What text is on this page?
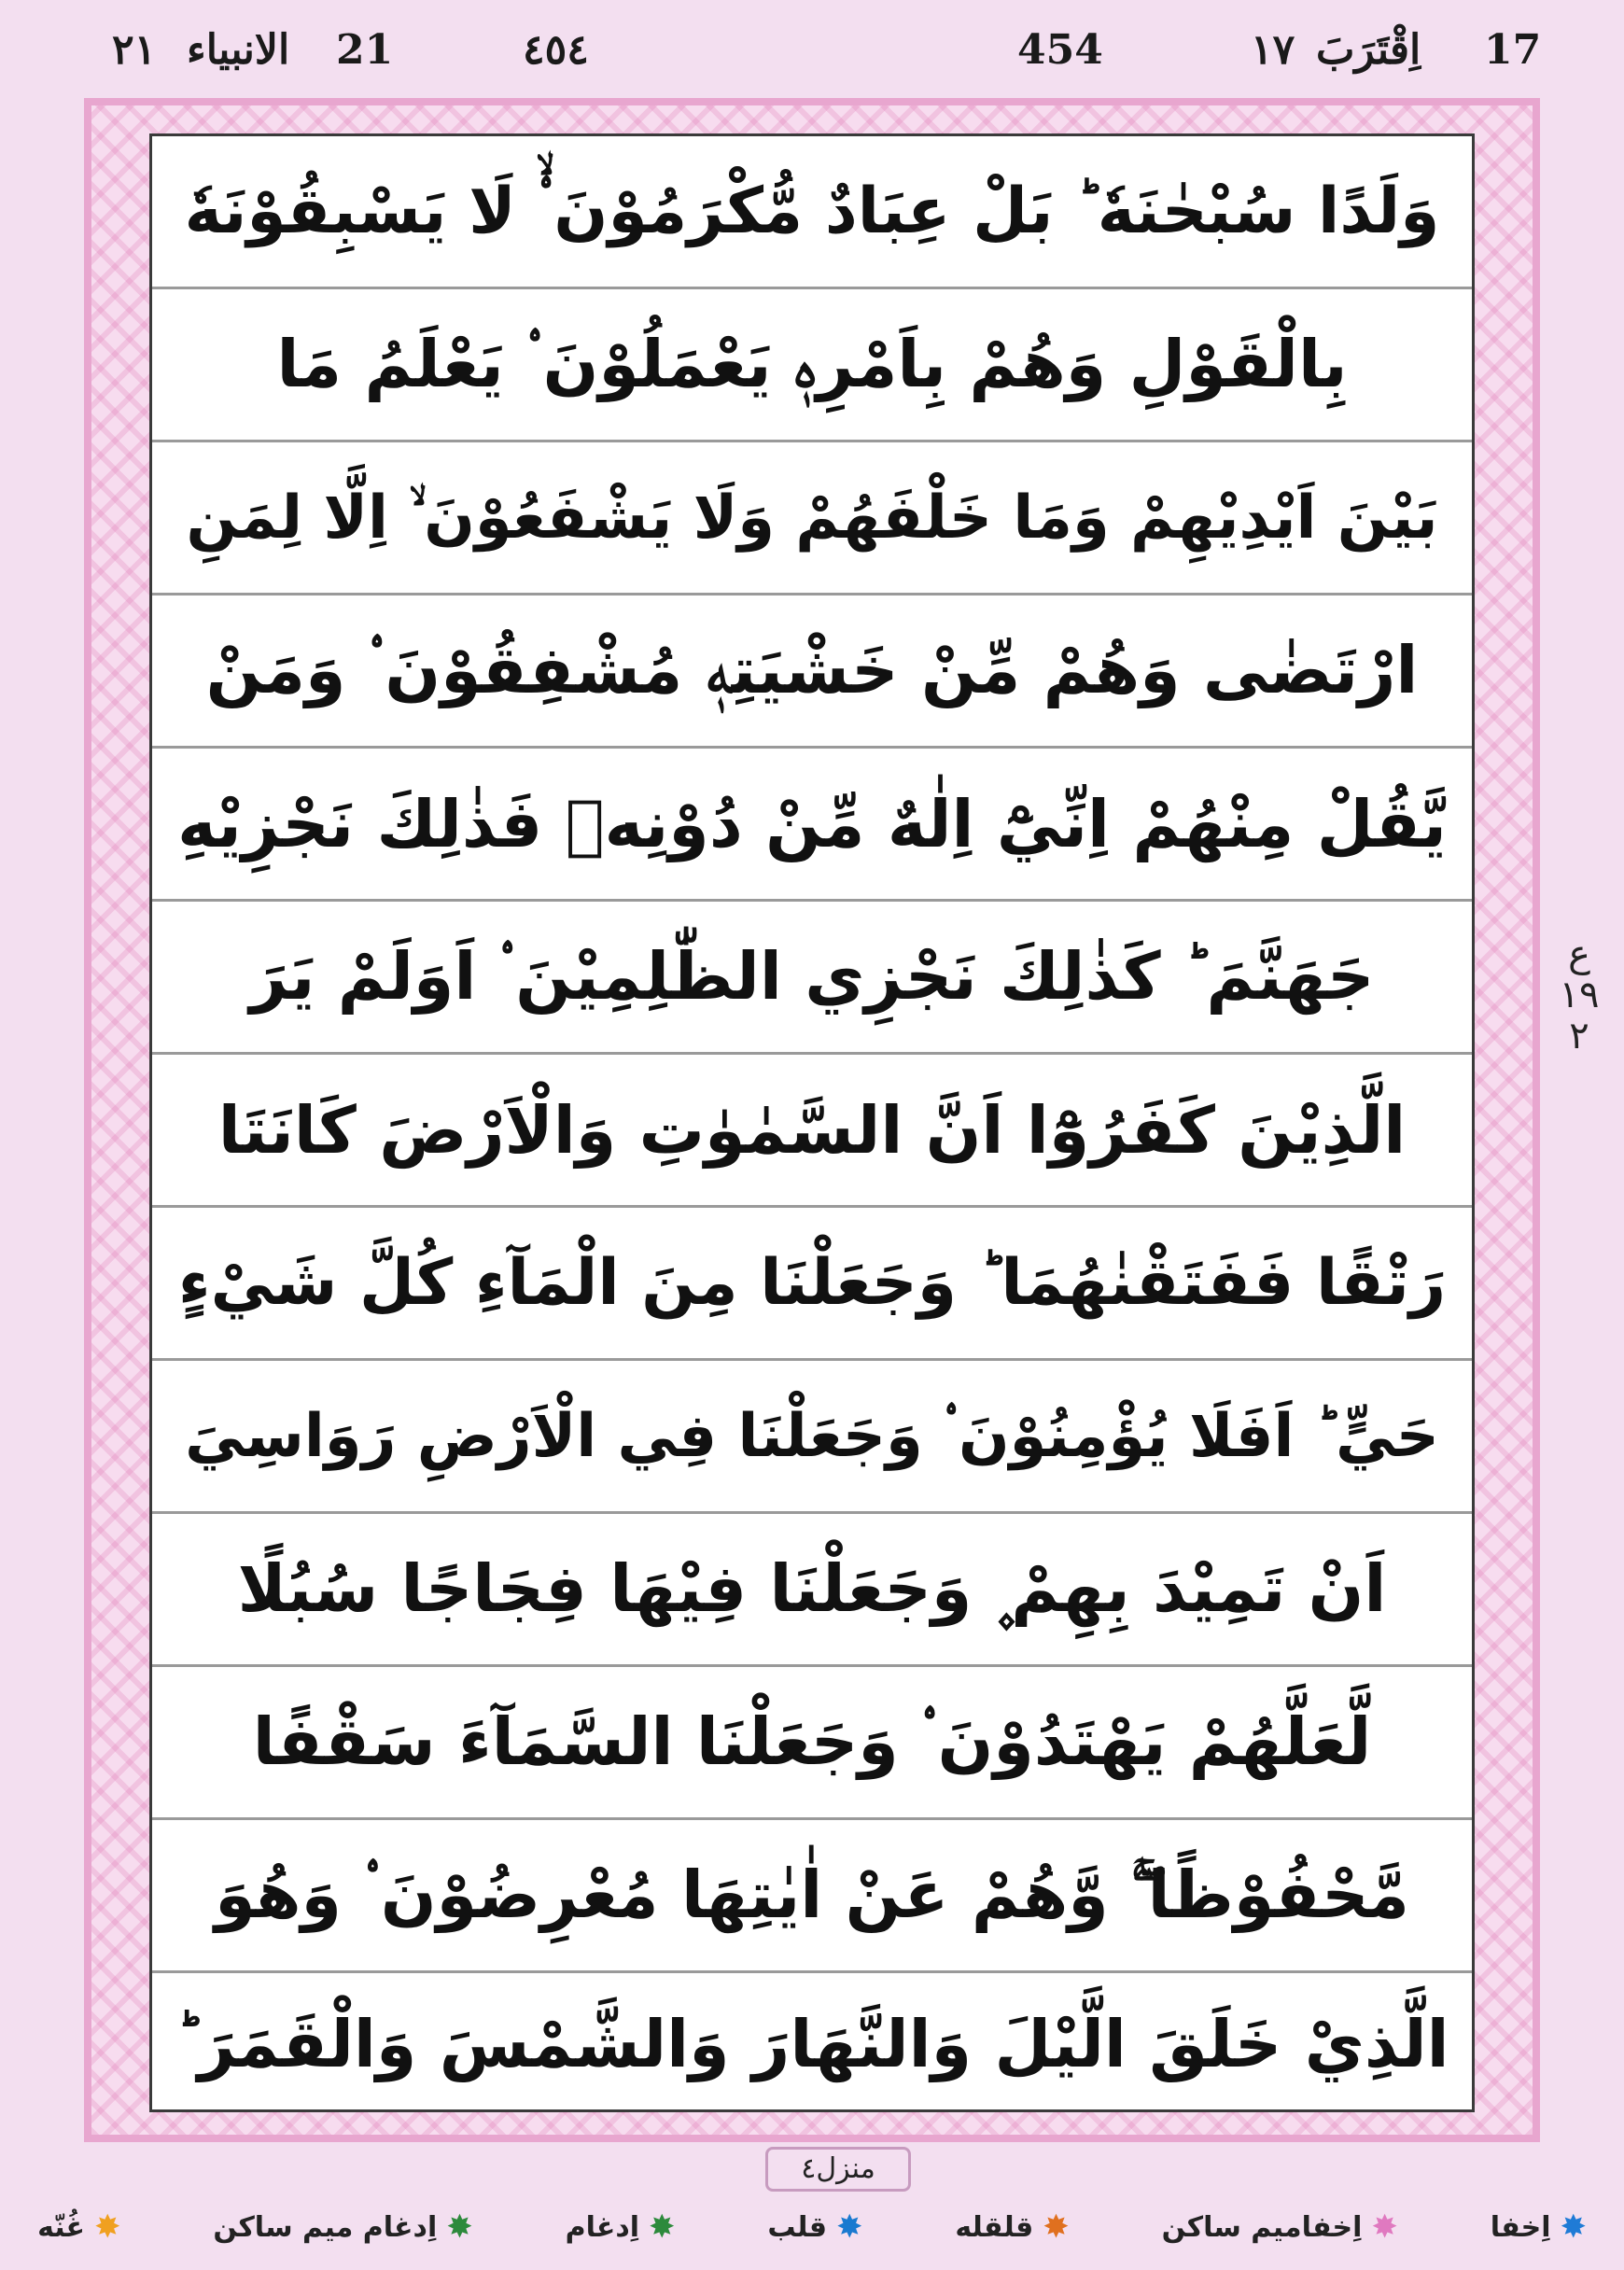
٢١ الانبياء 21	٤٥٤	454	١٧ اِقْتَرَبَ 17
وَلَدًا سُبْحٰنَهٗ ؕ بَلْ عِبَادٌ مُّكْرَمُوْنَ ۟ۙ لَا يَسْبِقُوْنَهٗ
بِالْقَوْلِ وَهُمْ بِاَمْرِهٖ يَعْمَلُوْنَ ۟ يَعْلَمُ مَا
بَيْنَ اَيْدِيْهِمْ وَمَا خَلْفَهُمْ وَلَا يَشْفَعُوْنَ ۙ اِلَّا لِمَنِ
ارْتَضٰى وَهُمْ مِّنْ خَشْيَتِهٖ مُشْفِقُوْنَ ۟ وَمَنْ
يَّقُلْ مِنْهُمْ اِنِّيْٓ اِلٰهٌ مِّنْ دُوْنِهٖ فَذٰلِكَ نَجْزِيْهِ
جَهَنَّمَ ؕ كَذٰلِكَ نَجْزِي الظّٰلِمِيْنَ ۟ اَوَلَمْ يَرَ
الَّذِيْنَ كَفَرُوْٓا اَنَّ السَّمٰوٰتِ وَالْاَرْضَ كَانَتَا
رَتْقًا فَفَتَقْنٰهُمَا ؕ وَجَعَلْنَا مِنَ الْمَآءِ كُلَّ شَيْءٍ
حَيٍّ ؕ اَفَلَا يُؤْمِنُوْنَ ۟ وَجَعَلْنَا فِي الْاَرْضِ رَوَاسِيَ
اَنْ تَمِيْدَ بِهِمْ ۪ وَجَعَلْنَا فِيْهَا فِجَاجًا سُبُلًا
لَّعَلَّهُمْ يَهْتَدُوْنَ ۟ وَجَعَلْنَا السَّمَآءَ سَقْفًا
مَّحْفُوْظًا ۚۖ وَّهُمْ عَنْ اٰيٰتِهَا مُعْرِضُوْنَ ۟ وَهُوَ
الَّذِيْ خَلَقَ الَّيْلَ وَالنَّهَارَ وَالشَّمْسَ وَالْقَمَرَ ؕ
ع ١٩ ٢
منزل٤
✸
اِخفا
✸
اِخفامیم ساکن
✸
قلقله
✸
قلب
✸
اِدغام
✸
اِدغام میم ساکن
✸
غُنّه
